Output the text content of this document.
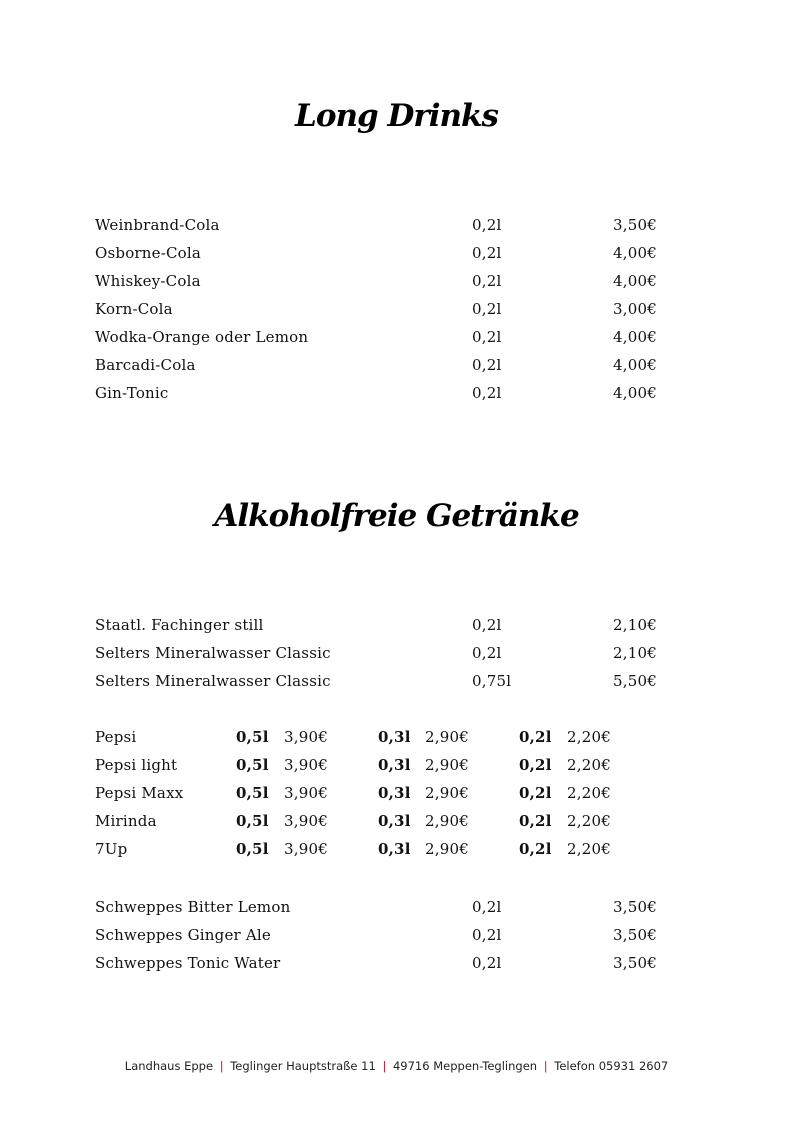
Long Drinks
Weinbrand-Cola	0,2l	3,50€
Osborne-Cola	0,2l	4,00€
Whiskey-Cola	0,2l	4,00€
Korn-Cola	0,2l	3,00€
Wodka-Orange oder Lemon	0,2l	4,00€
Barcadi-Cola	0,2l	4,00€
Gin-Tonic	0,2l	4,00€
Alkoholfreie Getränke
Staatl. Fachinger still	0,2l	2,10€
Selters Mineralwasser Classic	0,2l	2,10€
Selters Mineralwasser Classic	0,75l	5,50€
Pepsi	0,5l 3,90€	0,3l 2,90€	0,2l 2,20€
Pepsi light	0,5l 3,90€	0,3l 2,90€	0,2l 2,20€
Pepsi Maxx	0,5l 3,90€	0,3l 2,90€	0,2l 2,20€
Mirinda	0,5l 3,90€	0,3l 2,90€	0,2l 2,20€
7Up	0,5l 3,90€	0,3l 2,90€	0,2l 2,20€
Schweppes Bitter Lemon	0,2l	3,50€
Schweppes Ginger Ale	0,2l	3,50€
Schweppes Tonic Water	0,2l	3,50€
Landhaus Eppe | Teglinger Hauptstraße 11 | 49716 Meppen-Teglingen | Telefon 05931 2607
